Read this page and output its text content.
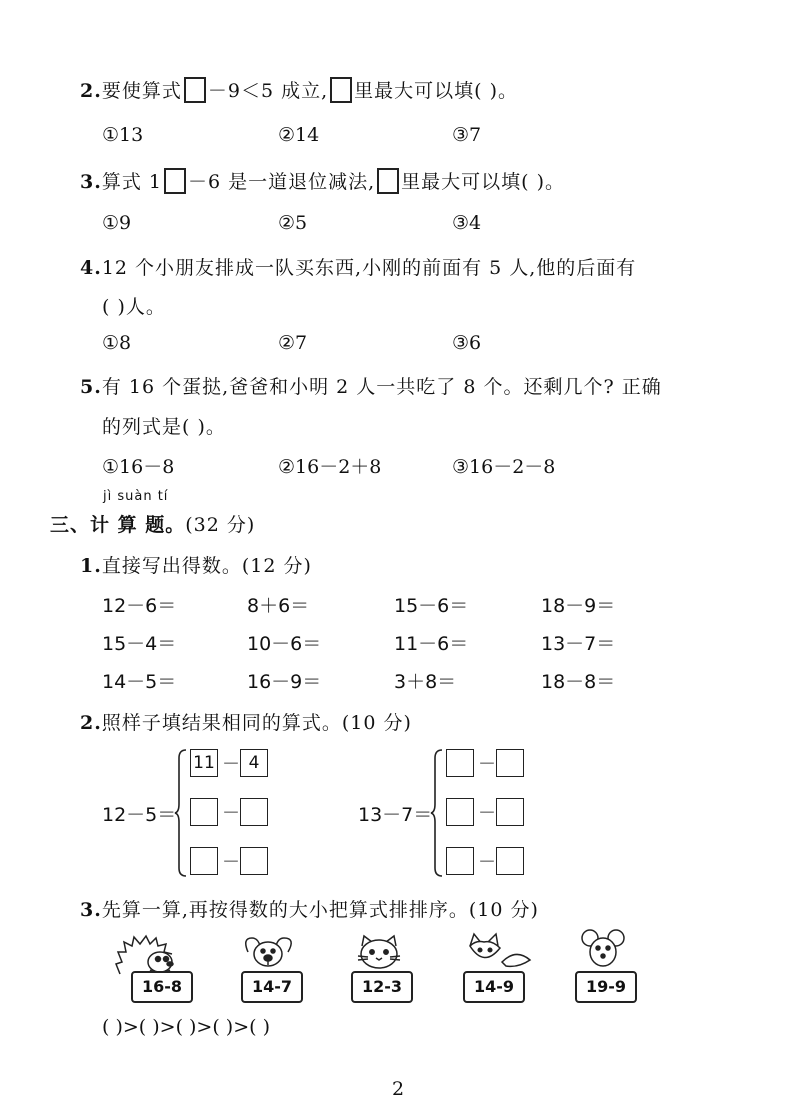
2.要使算式 －9＜5 成立, 里最大可以填( )。
①13	②14	③7
3.算式 1 －6 是一道退位减法, 里最大可以填( )。
①9	②5	③4
4.12 个小朋友排成一队买东西,小刚的前面有 5 人,他的后面有
( )人。
①8	②7	③6
5.有 16 个蛋挞,爸爸和小明 2 人一共吃了 8 个。还剩几个? 正确
的列式是( )。
①16－8	②16－2＋8	③16－2－8
jì suàn tí
三、计 算 题。(32 分)
1.直接写出得数。(12 分)
12－6＝	8＋6＝	15－6＝	18－9＝
15－4＝	10－6＝	11－6＝	13－7＝
14－5＝	16－9＝	3＋8＝	18－8＝
2.照样子填结果相同的算式。(10 分)
12－5＝
11 － 4
－
－
13－7＝
－
－
－
3.先算一算,再按得数的大小把算式排排序。(10 分)
16-8	14-7	12-3	14-9	19-9
( )>( )>( )>( )>( )
2
